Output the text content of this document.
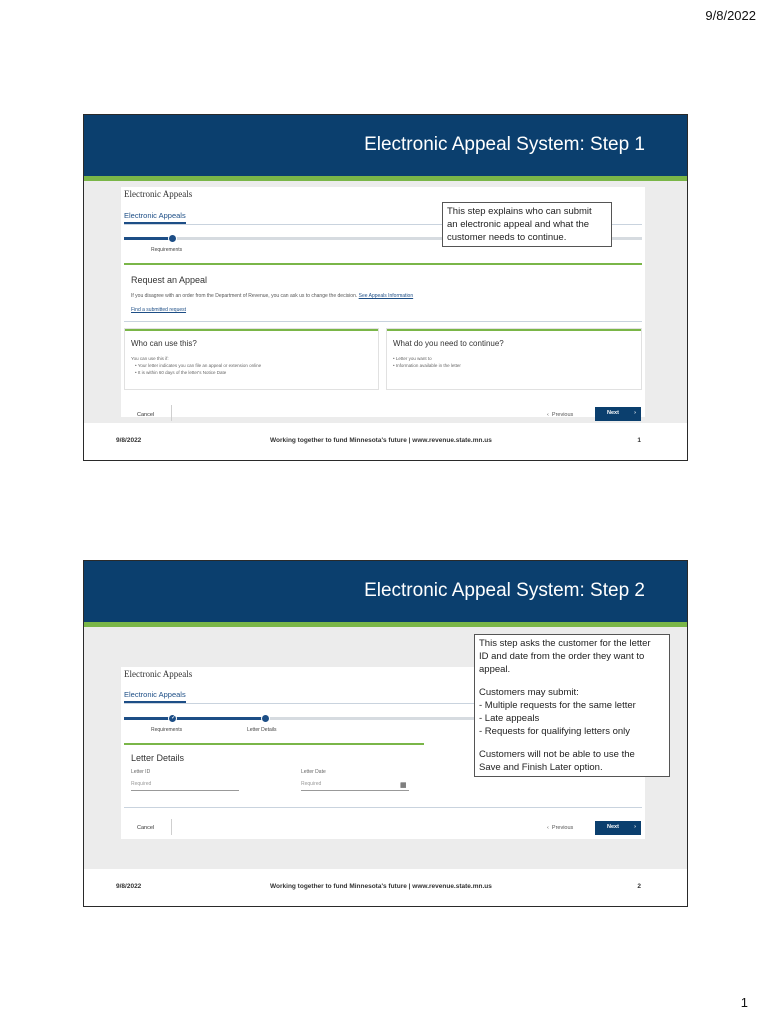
9/8/2022
Electronic Appeal System: Step 1
Electronic Appeals
Electronic Appeals
Requirements
Request an Appeal
If you disagree with an order from the Department of Revenue, you can ask us to change the decision. See Appeals Information
Find a submitted request
Who can use this?
You can use this if:
• Your letter indicates you can file an appeal or extension online
• It is within 60 days of the letter's Notice Date
What do you need to continue?
• Letter you want to
• Information available in the letter
Cancel	‹ Previous	Next	›

This step explains who can submit

an electronic appeal and what the

customer needs to continue.

9/8/2022	Working together to fund Minnesota's future | www.revenue.state.mn.us	1
Electronic Appeal System: Step 2
Electronic Appeals
Electronic Appeals
✓
Requirements	Letter Details
Letter Details
Letter ID
Required
Letter Date
Required	▦
Cancel	‹ Previous	Next	›

This step asks the customer for the letter

ID and date from the order they want to

appeal.

Customers may submit:

- Multiple requests for the same letter

- Late appeals

- Requests for qualifying letters only

Customers will not be able to use the

Save and Finish Later option.

9/8/2022	Working together to fund Minnesota's future | www.revenue.state.mn.us	2
1
